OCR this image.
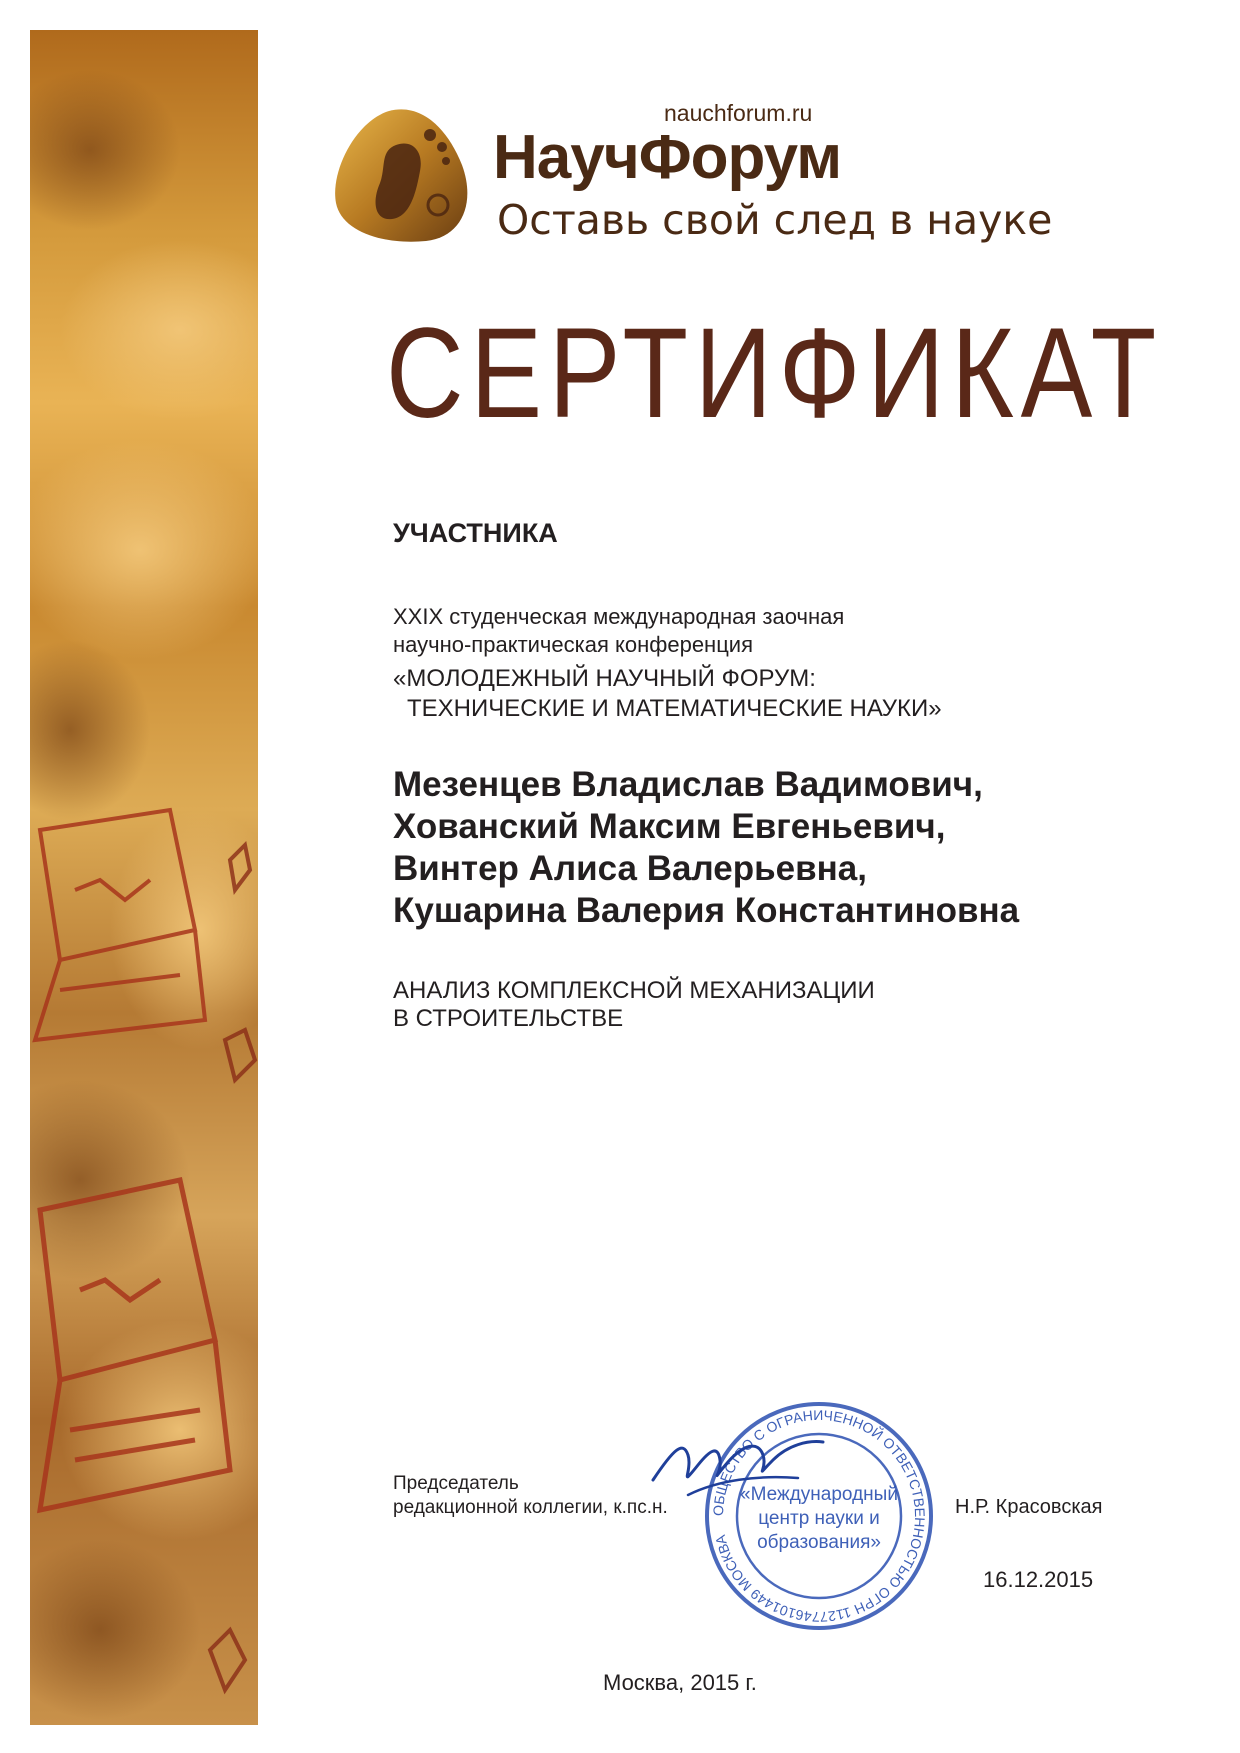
nauchforum.ru
НаучФорум
Оставь свой след в науке
СЕРТИФИКАТ
УЧАСТНИКА
XXIX студенческая международная заочная
научно-практическая конференция
«МОЛОДЕЖНЫЙ НАУЧНЫЙ ФОРУМ:
ТЕХНИЧЕСКИЕ И МАТЕМАТИЧЕСКИЕ НАУКИ»
Мезенцев Владислав Вадимович,
Хованский Максим Евгеньевич,
Винтер Алиса Валерьевна,
Кушарина Валерия Константиновна
АНАЛИЗ КОМПЛЕКСНОЙ МЕХАНИЗАЦИИ
В СТРОИТЕЛЬСТВЕ
Председатель
редакционной коллегии, к.пс.н.	ОБЩЕСТВО С ОГРАНИЧЕННОЙ ОТВЕТСТВЕННОСТЬЮ ОГРН 1127746101449 МОСКВА
«Международный
центр науки и
образования»
Н.Р. Красовская
16.12.2015
Москва, 2015 г.
